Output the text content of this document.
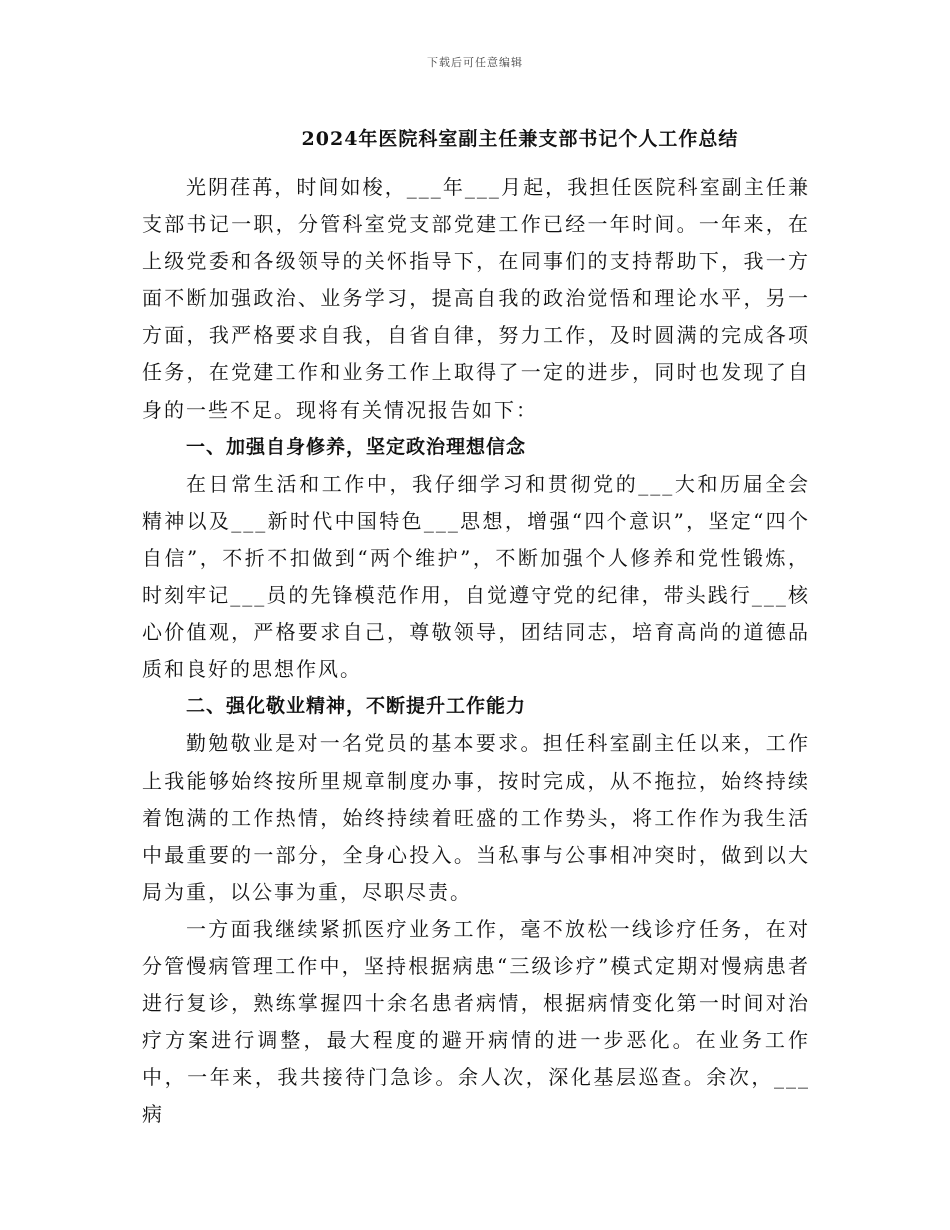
下载后可任意编辑
2024年医院科室副主任兼支部书记个人工作总结

光阴荏苒，时间如梭，___年___月起，我担任医院科室副主任兼支部书记一职，分管科室党支部党建工作已经一年时间。一年来，在上级党委和各级领导的关怀指导下，在同事们的支持帮助下，我一方面不断加强政治、业务学习，提高自我的政治觉悟和理论水平，另一方面，我严格要求自我，自省自律，努力工作，及时圆满的完成各项任务，在党建工作和业务工作上取得了一定的进步，同时也发现了自身的一些不足。现将有关情况报告如下：

一、加强自身修养，坚定政治理想信念

在日常生活和工作中，我仔细学习和贯彻党的___大和历届全会精神以及___新时代中国特色___思想，增强“四个意识”，坚定“四个自信”，不折不扣做到“两个维护”，不断加强个人修养和党性锻炼，时刻牢记___员的先锋模范作用，自觉遵守党的纪律，带头践行___核心价值观，严格要求自己，尊敬领导，团结同志，培育高尚的道德品质和良好的思想作风。

二、强化敬业精神，不断提升工作能力

勤勉敬业是对一名党员的基本要求。担任科室副主任以来，工作上我能够始终按所里规章制度办事，按时完成，从不拖拉，始终持续着饱满的工作热情，始终持续着旺盛的工作势头，将工作作为我生活中最重要的一部分，全身心投入。当私事与公事相冲突时，做到以大局为重，以公事为重，尽职尽责。

一方面我继续紧抓医疗业务工作，毫不放松一线诊疗任务，在对分管慢病管理工作中，坚持根据病患“三级诊疗”模式定期对慢病患者进行复诊，熟练掌握四十余名患者病情，根据病情变化第一时间对治疗方案进行调整，最大程度的避开病情的进一步恶化。在业务工作中，一年来，我共接待门急诊。余人次，深化基层巡查。余次，___病
